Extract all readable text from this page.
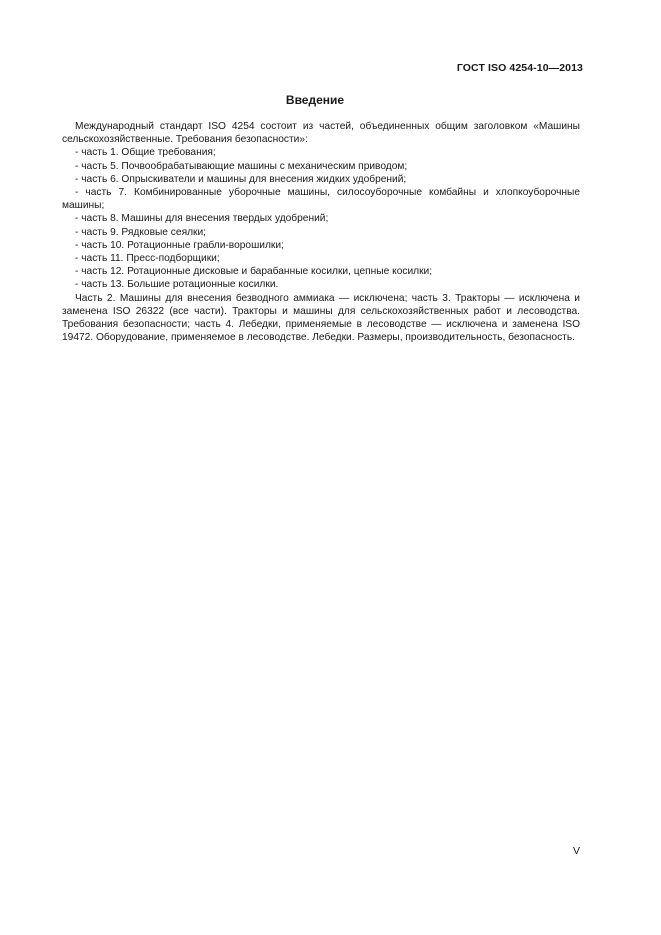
ГОСТ ISO 4254-10—2013
Введение

Международный стандарт ISO 4254 состоит из частей, объединенных общим заголовком «Машины сельскохозяйственные. Требования безопасности»:

- часть 1. Общие требования;
- часть 5. Почвообрабатывающие машины с механическим приводом;
- часть 6. Опрыскиватели и машины для внесения жидких удобрений;
- часть 7. Комбинированные уборочные машины, силосоуборочные комбайны и хлопкоуборочные машины;
- часть 8. Машины для внесения твердых удобрений;
- часть 9. Рядковые сеялки;
- часть 10. Ротационные грабли-ворошилки;
- часть 11. Пресс-подборщики;
- часть 12. Ротационные дисковые и барабанные косилки, цепные косилки;
- часть 13. Большие ротационные косилки.

Часть 2. Машины для внесения безводного аммиака — исключена; часть 3. Тракторы — исключена и заменена ISO 26322 (все части). Тракторы и машины для сельскохозяйственных работ и лесоводства. Требования безопасности; часть 4. Лебедки, применяемые в лесоводстве — исключена и заменена ISO 19472. Оборудование, применяемое в лесоводстве. Лебедки. Размеры, производительность, безопасность.

V
